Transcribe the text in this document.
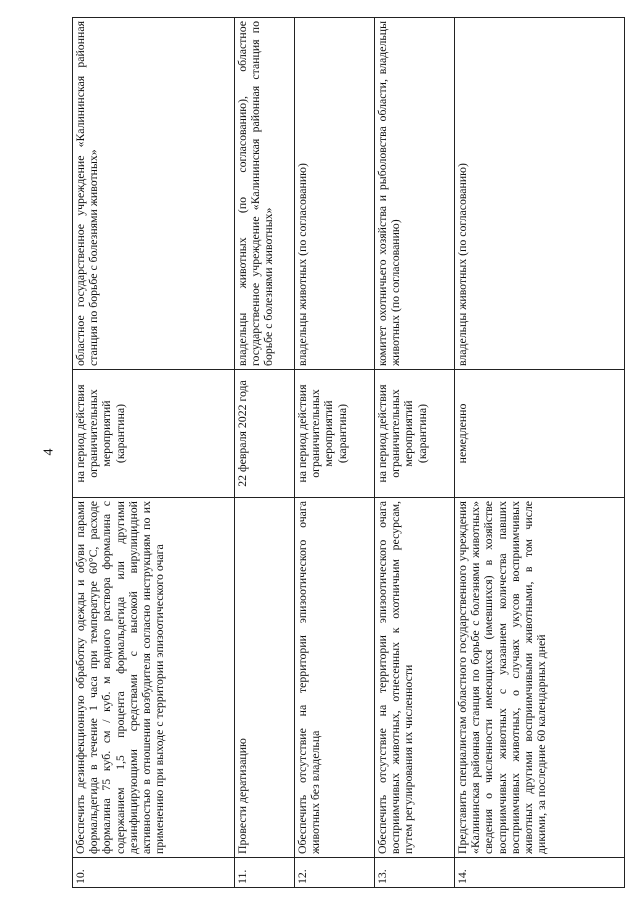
4
10.	Обеспечить дезинфекционную обработку одежды и обуви парами формальдегида в течение 1 часа при температуре 60°С, расходе формалина 75 куб. см / куб. м водного раствора формалина с содержанием 1,5 процента формальдегида или другими дезинфицирующими средствами с высокой вирулицидной активностью в отношении возбудителя согласно инструкциям по их применению при выходе с территории эпизоотического очага	на период действия ограничительных мероприятий (карантина)	областное государственное учреждение «Калининская районная станция по борьбе с болезнями животных»
11.	Провести дератизацию	22 февраля 2022 года	владельцы животных (по согласованию), областное государственное учреждение «Калининская районная станция по борьбе с болезнями животных»
12.	Обеспечить отсутствие на территории эпизоотического очага животных без владельца	на период действия ограничительных мероприятий (карантина)	владельцы животных (по согласованию)
13.	Обеспечить отсутствие на территории эпизоотического очага восприимчивых животных, отнесенных к охотничьим ресурсам, путем регулирования их численности	на период действия ограничительных мероприятий (карантина)	комитет охотничьего хозяйства и рыболовства области, владельцы животных (по согласованию)
14.	Представить специалистам областного государственного учреждения «Калининская районная станция по борьбе с болезнями животных» сведения о численности имеющихся (имевшихся) в хозяйстве восприимчивых животных с указанием количества павших восприимчивых животных, о случаях укусов восприимчивых животных другими восприимчивыми животными, в том числе дикими, за последние 60 календарных дней	немедленно	владельцы животных (по согласованию)
